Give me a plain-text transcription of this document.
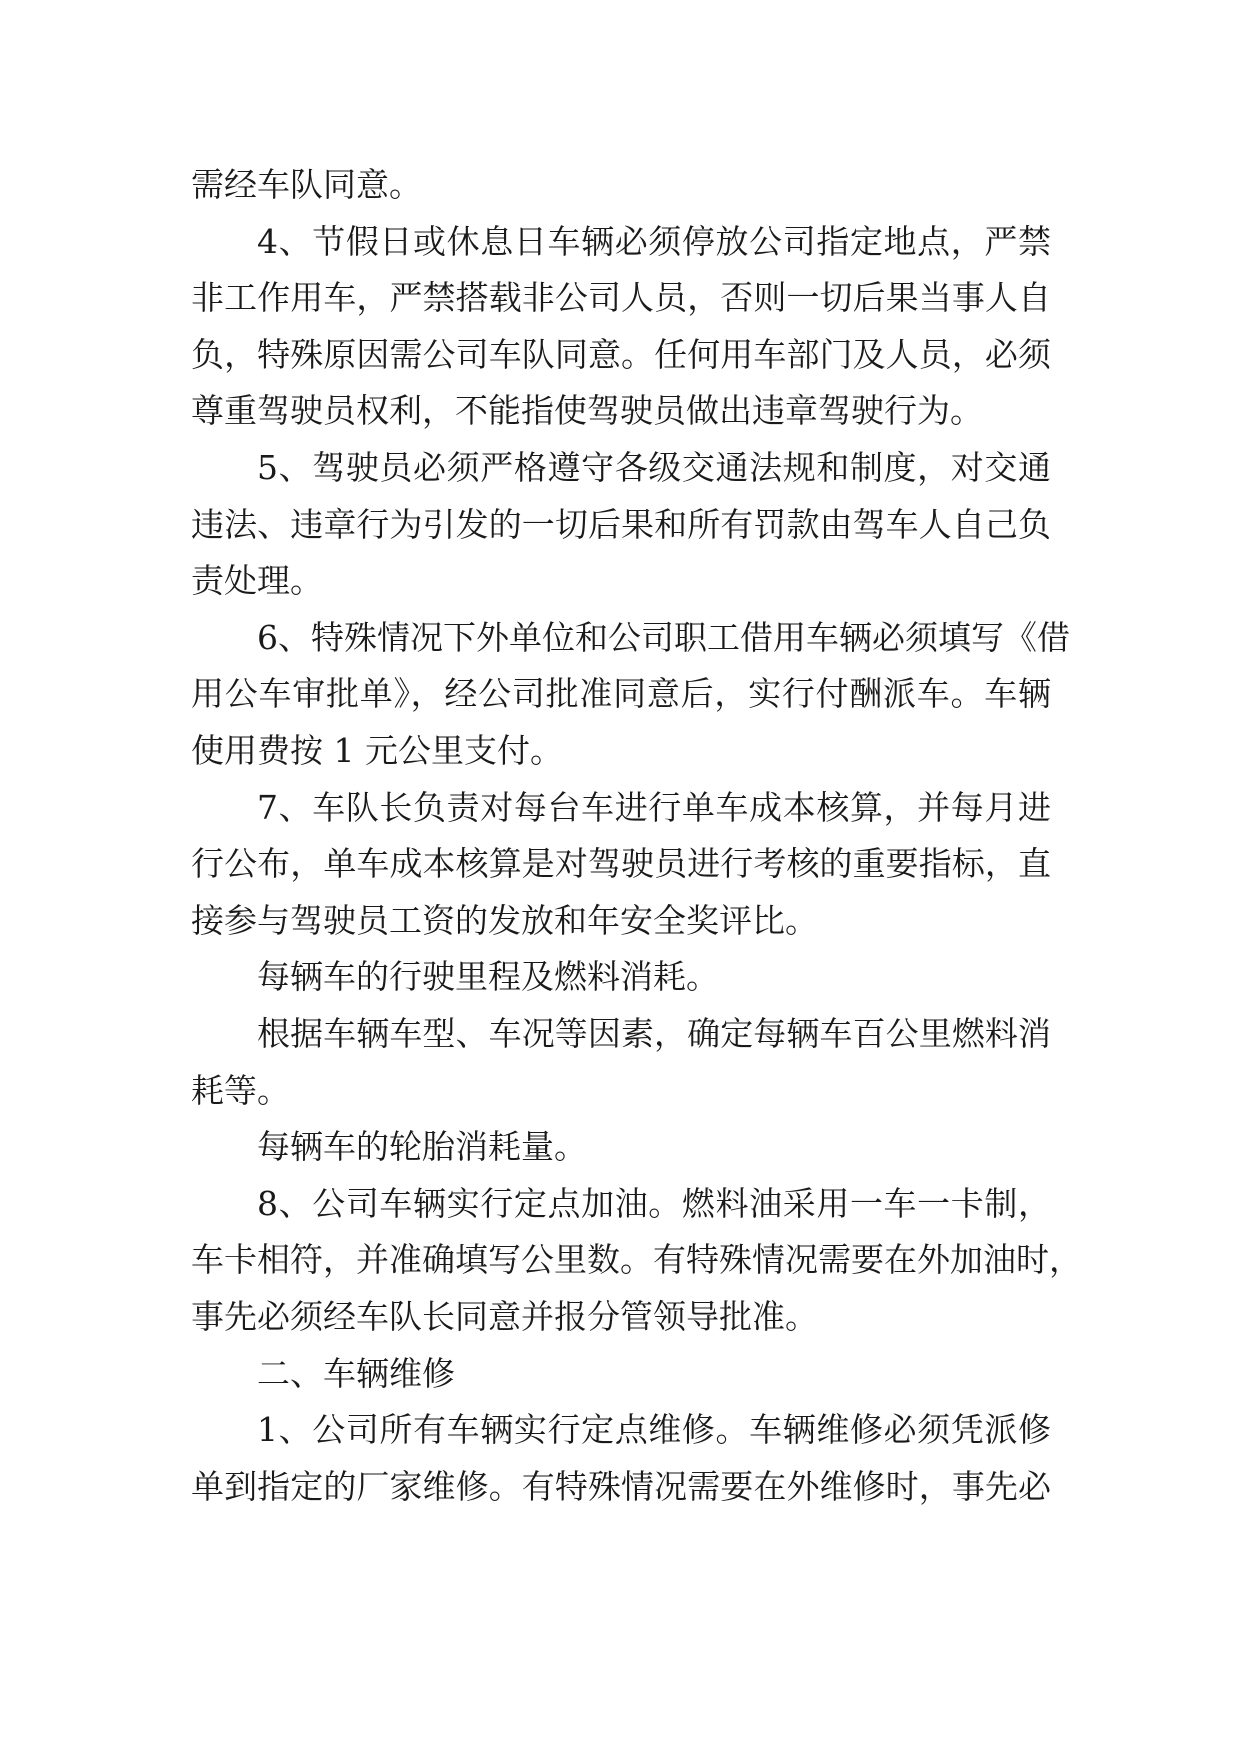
需经车队同意。
4、节假日或休息日车辆必须停放公司指定地点，严禁
非工作用车，严禁搭载非公司人员，否则一切后果当事人自
负，特殊原因需公司车队同意。任何用车部门及人员，必须
尊重驾驶员权利，不能指使驾驶员做出违章驾驶行为。
5、驾驶员必须严格遵守各级交通法规和制度，对交通
违法、违章行为引发的一切后果和所有罚款由驾车人自己负
责处理。
6、特殊情况下外单位和公司职工借用车辆必须填写《借
用公车审批单》，经公司批准同意后，实行付酬派车。车辆
使用费按 1 元公里支付。
7、车队长负责对每台车进行单车成本核算，并每月进
行公布，单车成本核算是对驾驶员进行考核的重要指标，直
接参与驾驶员工资的发放和年安全奖评比。
每辆车的行驶里程及燃料消耗。
根据车辆车型、车况等因素，确定每辆车百公里燃料消
耗等。
每辆车的轮胎消耗量。
8、公司车辆实行定点加油。燃料油采用一车一卡制，
车卡相符，并准确填写公里数。有特殊情况需要在外加油时，
事先必须经车队长同意并报分管领导批准。
二、车辆维修
1、公司所有车辆实行定点维修。车辆维修必须凭派修
单到指定的厂家维修。有特殊情况需要在外维修时，事先必
